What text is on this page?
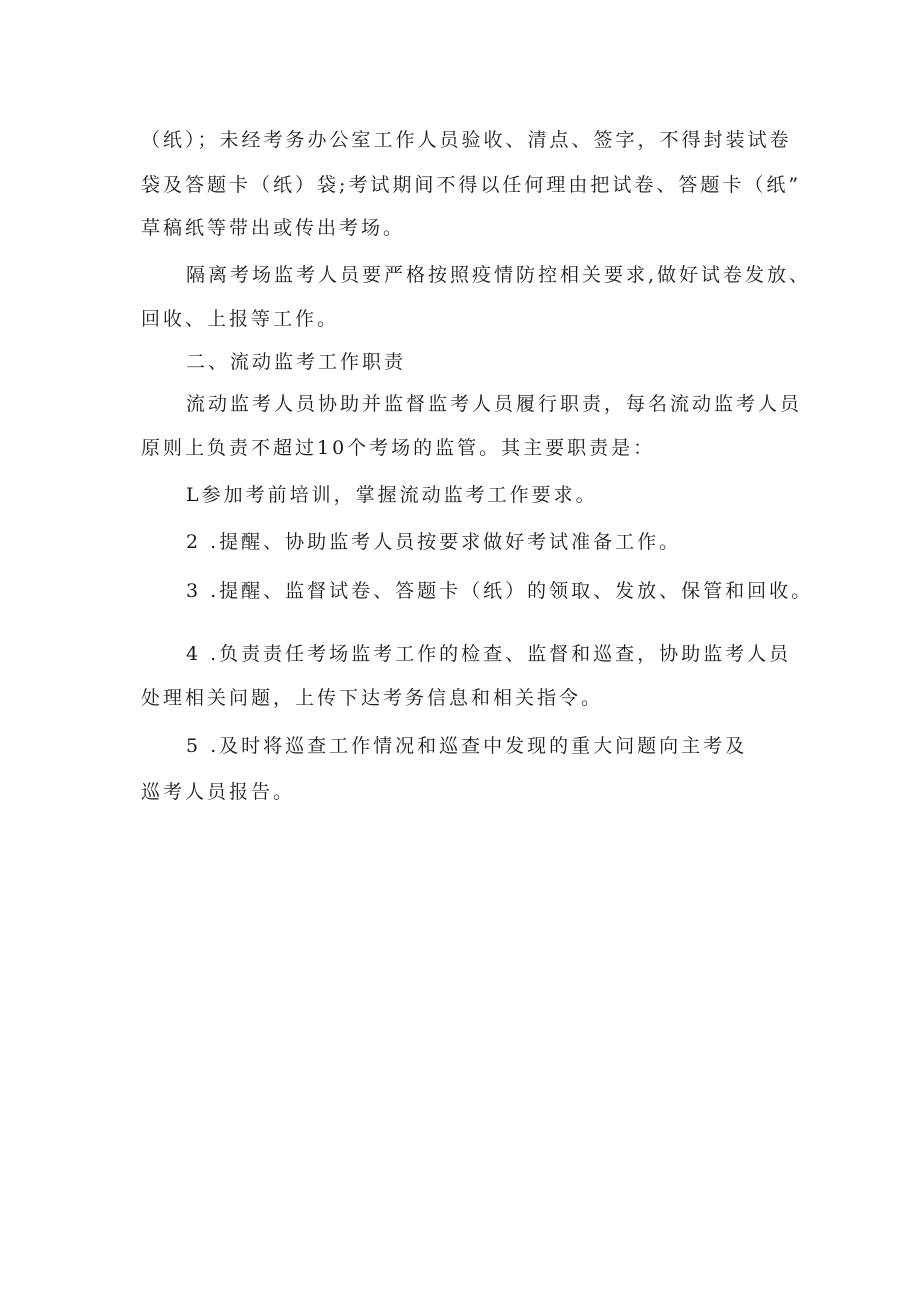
（纸）；未经考务办公室工作人员验收、清点、签字，不得封装试卷
袋及答题卡（纸）袋;考试期间不得以任何理由把试卷、答题卡（纸”
草稿纸等带出或传出考场。
隔离考场监考人员要严格按照疫情防控相关要求,做好试卷发放、
回收、上报等工作。
二、流动监考工作职责
流动监考人员协助并监督监考人员履行职责，每名流动监考人员
原则上负责不超过10个考场的监管。其主要职责是：
L参加考前培训，掌握流动监考工作要求。
2 .提醒、协助监考人员按要求做好考试准备工作。
3 .提醒、监督试卷、答题卡（纸）的领取、发放、保管和回收。
4 .负责责任考场监考工作的检查、监督和巡查，协助监考人员
处理相关问题，上传下达考务信息和相关指令。
5 .及时将巡查工作情况和巡查中发现的重大问题向主考及
巡考人员报告。
